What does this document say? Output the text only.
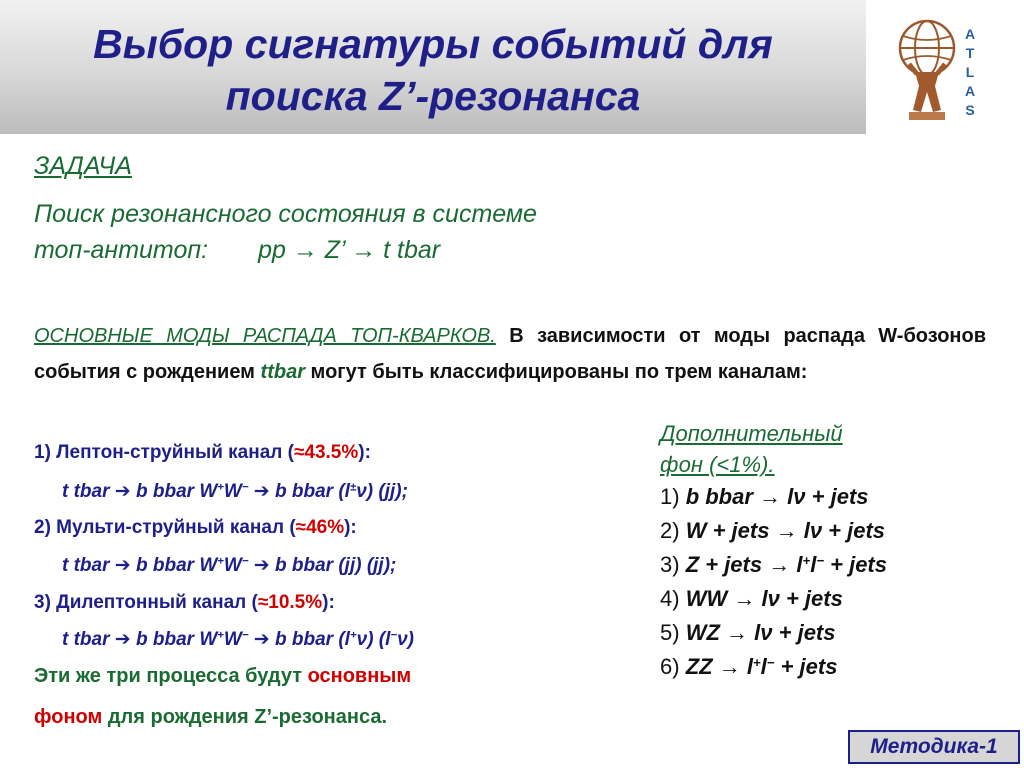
Выбор сигнатуры событий для
поиска Z’-резонанса
A
T
L
A
S
ЗАДАЧА
Поиск резонансного состояния в системе
топ-антитоп: pp → Z’ → t tbar
ОСНОВНЫЕ МОДЫ РАСПАДА ТОП-КВАРКОВ. В зависимости от моды распада W-бозонов события с рождением ttbar могут быть классифицированы по трем каналам:
1) Лептон-струйный канал (≈43.5%):
t tbar ➔ b bbar W+W− ➔ b bbar (l±ν) (jj);
2) Мульти-струйный канал (≈46%):
t tbar ➔ b bbar W+W− ➔ b bbar (jj) (jj);
3) Дилептонный канал (≈10.5%):
t tbar ➔ b bbar W+W− ➔ b bbar (l+ν) (l−ν)
Эти же три процесса будут основным
фоном для рождения Z’-резонанса.
Дополнительный
фон (<1%).
1) b bbar → lν + jets
2) W + jets → lν + jets
3) Z + jets → l+l− + jets
4) WW → lν + jets
5) WZ → lν + jets
6) ZZ → l+l− + jets
Методика-1
